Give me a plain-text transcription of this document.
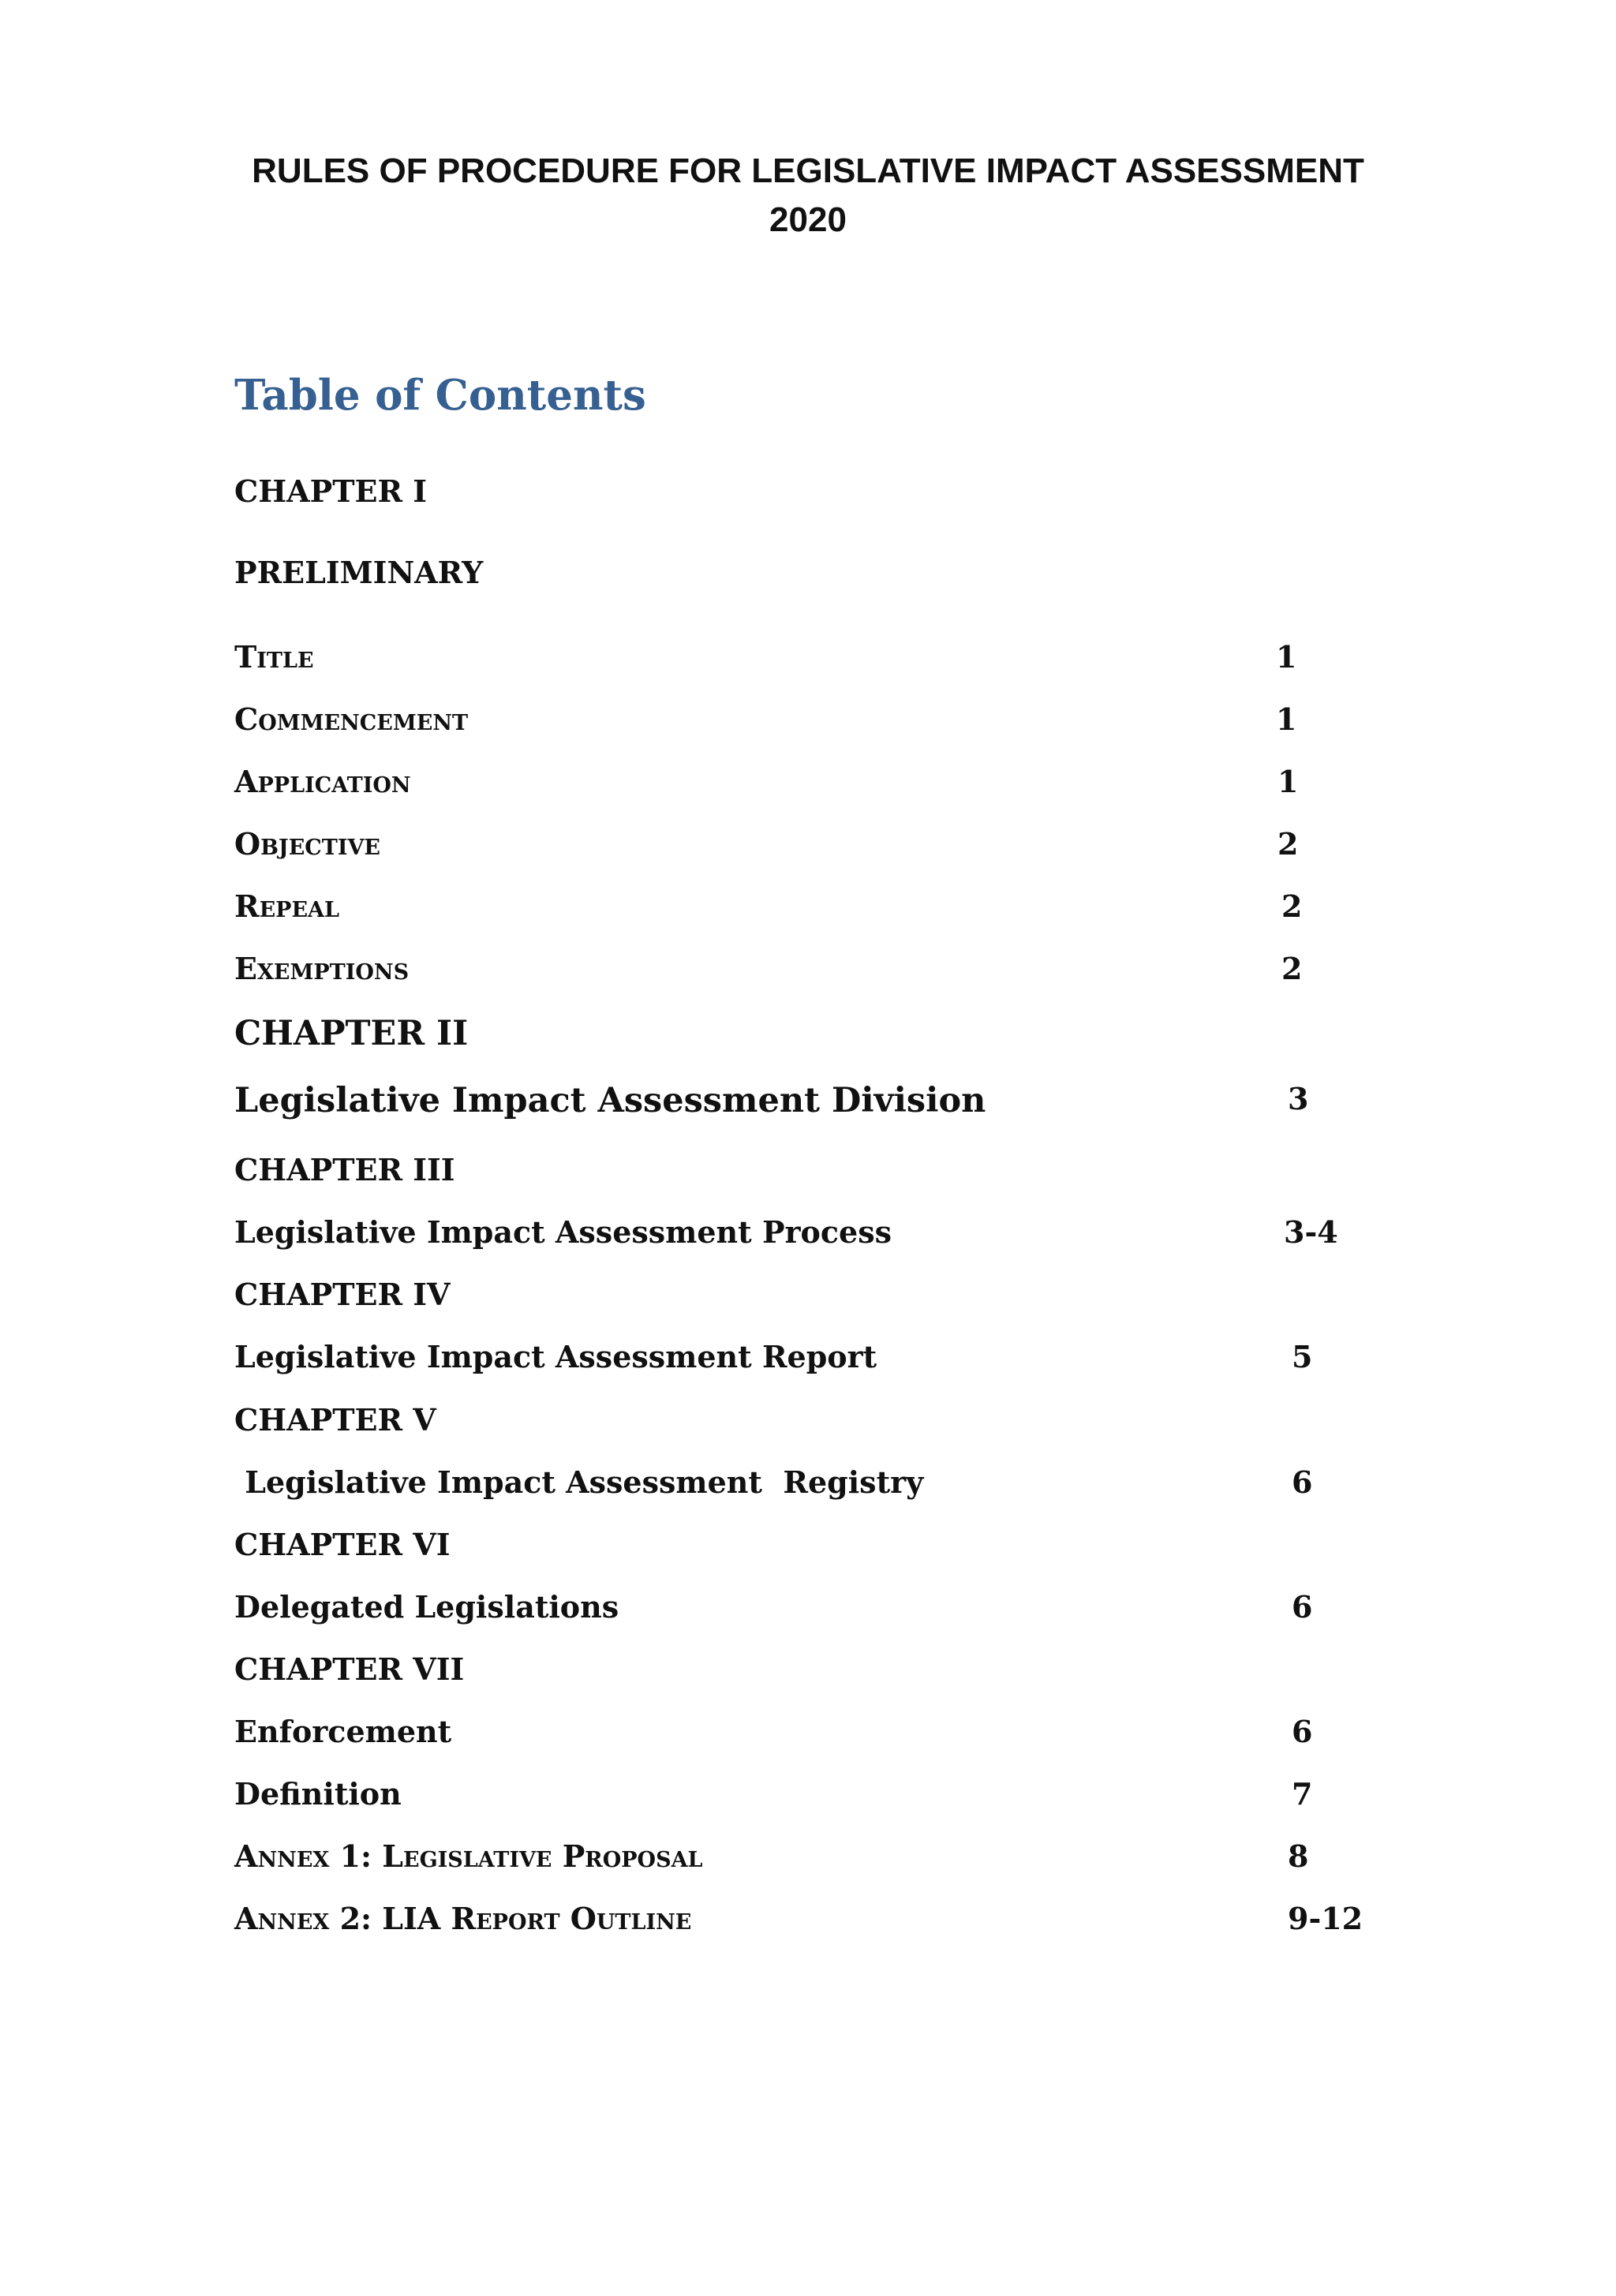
RULES OF PROCEDURE FOR LEGISLATIVE IMPACT ASSESSMENT
2020
Table of Contents
CHAPTER I
PRELIMINARY
Title	1
Commencement	1
Application	1
Objective	2
Repeal	2
Exemptions	2
CHAPTER II
Legislative Impact Assessment Division	3
CHAPTER III
Legislative Impact Assessment Process	3-4
CHAPTER IV
Legislative Impact Assessment Report	5
CHAPTER V
Legislative Impact Assessment  Registry	6
CHAPTER VI
Delegated Legislations	6
CHAPTER VII
Enforcement	6
Definition	7
Annex 1: Legislative Proposal	8
Annex 2: LIA Report Outline	9-12
